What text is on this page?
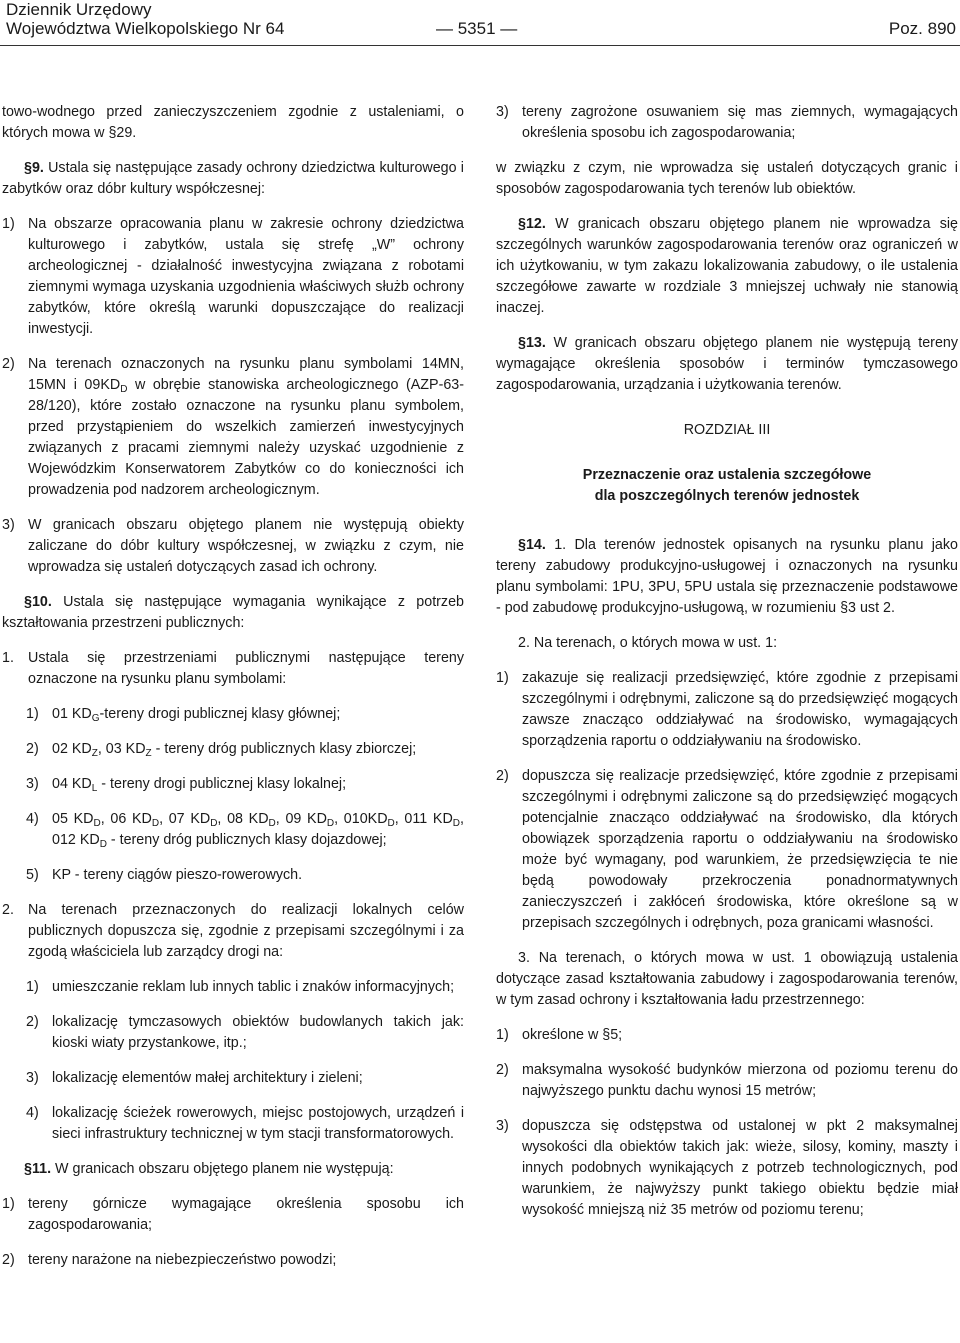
Dziennik Urzędowy
Województwa Wielkopolskiego Nr 64	— 5351 —	Poz. 890

towo-wodnego przed zanieczyszczeniem zgodnie z ustaleniami, o których mowa w §29.

§9. Ustala się następujące zasady ochrony dziedzictwa kulturowego i zabytków oraz dóbr kultury współczesnej:

1) Na obszarze opracowania planu w zakresie ochrony dziedzictwa kulturowego i zabytków, ustala się strefę „W” ochrony archeologicznej - działalność inwestycyjna związana z robotami ziemnymi wymaga uzyskania uzgodnienia właściwych służb ochrony zabytków, które określą warunki dopuszczające do realizacji inwestycji.

2) Na terenach oznaczonych na rysunku planu symbolami 14MN, 15MN i $09KD_D$ w obrębie stanowiska archeologicznego (AZP-63-28/120), które zostało oznaczone na rysunku planu symbolem, przed przystąpieniem do wszelkich zamierzeń inwestycyjnych związanych z pracami ziemnymi należy uzyskać uzgodnienie z Wojewódzkim Konserwatorem Zabytków co do konieczności ich prowadzenia pod nadzorem archeologicznym.

3) W granicach obszaru objętego planem nie występują obiekty zaliczane do dóbr kultury współczesnej, w związku z czym, nie wprowadza się ustaleń dotyczących zasad ich ochrony.

§10. Ustala się następujące wymagania wynikające z potrzeb kształtowania przestrzeni publicznych:

1. Ustala się przestrzeniami publicznymi następujące tereny oznaczone na rysunku planu symbolami:

1) 01 $KD_G$-tereny drogi publicznej klasy głównej;

2) 02 $KD_Z$, 03 $KD_Z$ - tereny dróg publicznych klasy zbiorczej;

3) 04 $KD_L$ - tereny drogi publicznej klasy lokalnej;

4) 05 $KD_D$, 06 $KD_D$, 07 $KD_D$, 08 $KD_D$, 09 $KD_D$, $010KD_D$, 011 $KD_D$, 012 $KD_D$ - tereny dróg publicznych klasy dojazdowej;

5) KP - tereny ciągów pieszo-rowerowych.

2. Na terenach przeznaczonych do realizacji lokalnych celów publicznych dopuszcza się, zgodnie z przepisami szczególnymi i za zgodą właściciela lub zarządcy drogi na:

1) umieszczanie reklam lub innych tablic i znaków informacyjnych;

2) lokalizację tymczasowych obiektów budowlanych takich jak: kioski wiaty przystankowe, itp.;

3) lokalizację elementów małej architektury i zieleni;

4) lokalizację ścieżek rowerowych, miejsc postojowych, urządzeń i sieci infrastruktury technicznej w tym stacji transformatorowych.

§11. W granicach obszaru objętego planem nie występują:

1) tereny górnicze wymagające określenia sposobu ich zagospodarowania;

2) tereny narażone na niebezpieczeństwo powodzi;

3) tereny zagrożone osuwaniem się mas ziemnych, wymagających określenia sposobu ich zagospodarowania;

w związku z czym, nie wprowadza się ustaleń dotyczących granic i sposobów zagospodarowania tych terenów lub obiektów.

§12. W granicach obszaru objętego planem nie wprowadza się szczególnych warunków zagospodarowania terenów oraz ograniczeń w ich użytkowaniu, w tym zakazu lokalizowania zabudowy, o ile ustalenia szczegółowe zawarte w rozdziale 3 mniejszej uchwały nie stanowią inaczej.

§13. W granicach obszaru objętego planem nie występują tereny wymagające określenia sposobów i terminów tymczasowego zagospodarowania, urządzania i użytkowania terenów.

ROZDZIAŁ III
Przeznaczenie oraz ustalenia szczegółowe
dla poszczególnych terenów jednostek

§14. 1. Dla terenów jednostek opisanych na rysunku planu jako tereny zabudowy produkcyjno-usługowej i oznaczonych na rysunku planu symbolami: 1PU, 3PU, 5PU ustala się przeznaczenie podstawowe - pod zabudowę produkcyjno-usługową, w rozumieniu §3 ust 2.

2. Na terenach, o których mowa w ust. 1:

1) zakazuje się realizacji przedsięwzięć, które zgodnie z przepisami szczególnymi i odrębnymi, zaliczone są do przedsięwzięć mogących zawsze znacząco oddziaływać na środowisko, wymagających sporządzenia raportu o oddziaływaniu na środowisko.

2) dopuszcza się realizacje przedsięwzięć, które zgodnie z przepisami szczególnymi i odrębnymi zaliczone są do przedsięwzięć mogących potencjalnie znacząco oddziaływać na środowisko, dla których obowiązek sporządzenia raportu o oddziaływaniu na środowisko może być wymagany, pod warunkiem, że przedsięwzięcia te nie będą powodowały przekroczenia ponadnormatywnych zanieczyszczeń i zakłóceń środowiska, które określone są w przepisach szczególnych i odrębnych, poza granicami własności.

3. Na terenach, o których mowa w ust. 1 obowiązują ustalenia dotyczące zasad kształtowania zabudowy i zagospodarowania terenów, w tym zasad ochrony i kształtowania ładu przestrzennego:

1) określone w §5;

2) maksymalna wysokość budynków mierzona od poziomu terenu do najwyższego punktu dachu wynosi 15 metrów;

3) dopuszcza się odstępstwa od ustalonej w pkt 2 maksymalnej wysokości dla obiektów takich jak: wieże, silosy, kominy, maszty i innych podobnych wynikających z potrzeb technologicznych, pod warunkiem, że najwyższy punkt takiego obiektu będzie miał wysokość mniejszą niż 35 metrów od poziomu terenu;
